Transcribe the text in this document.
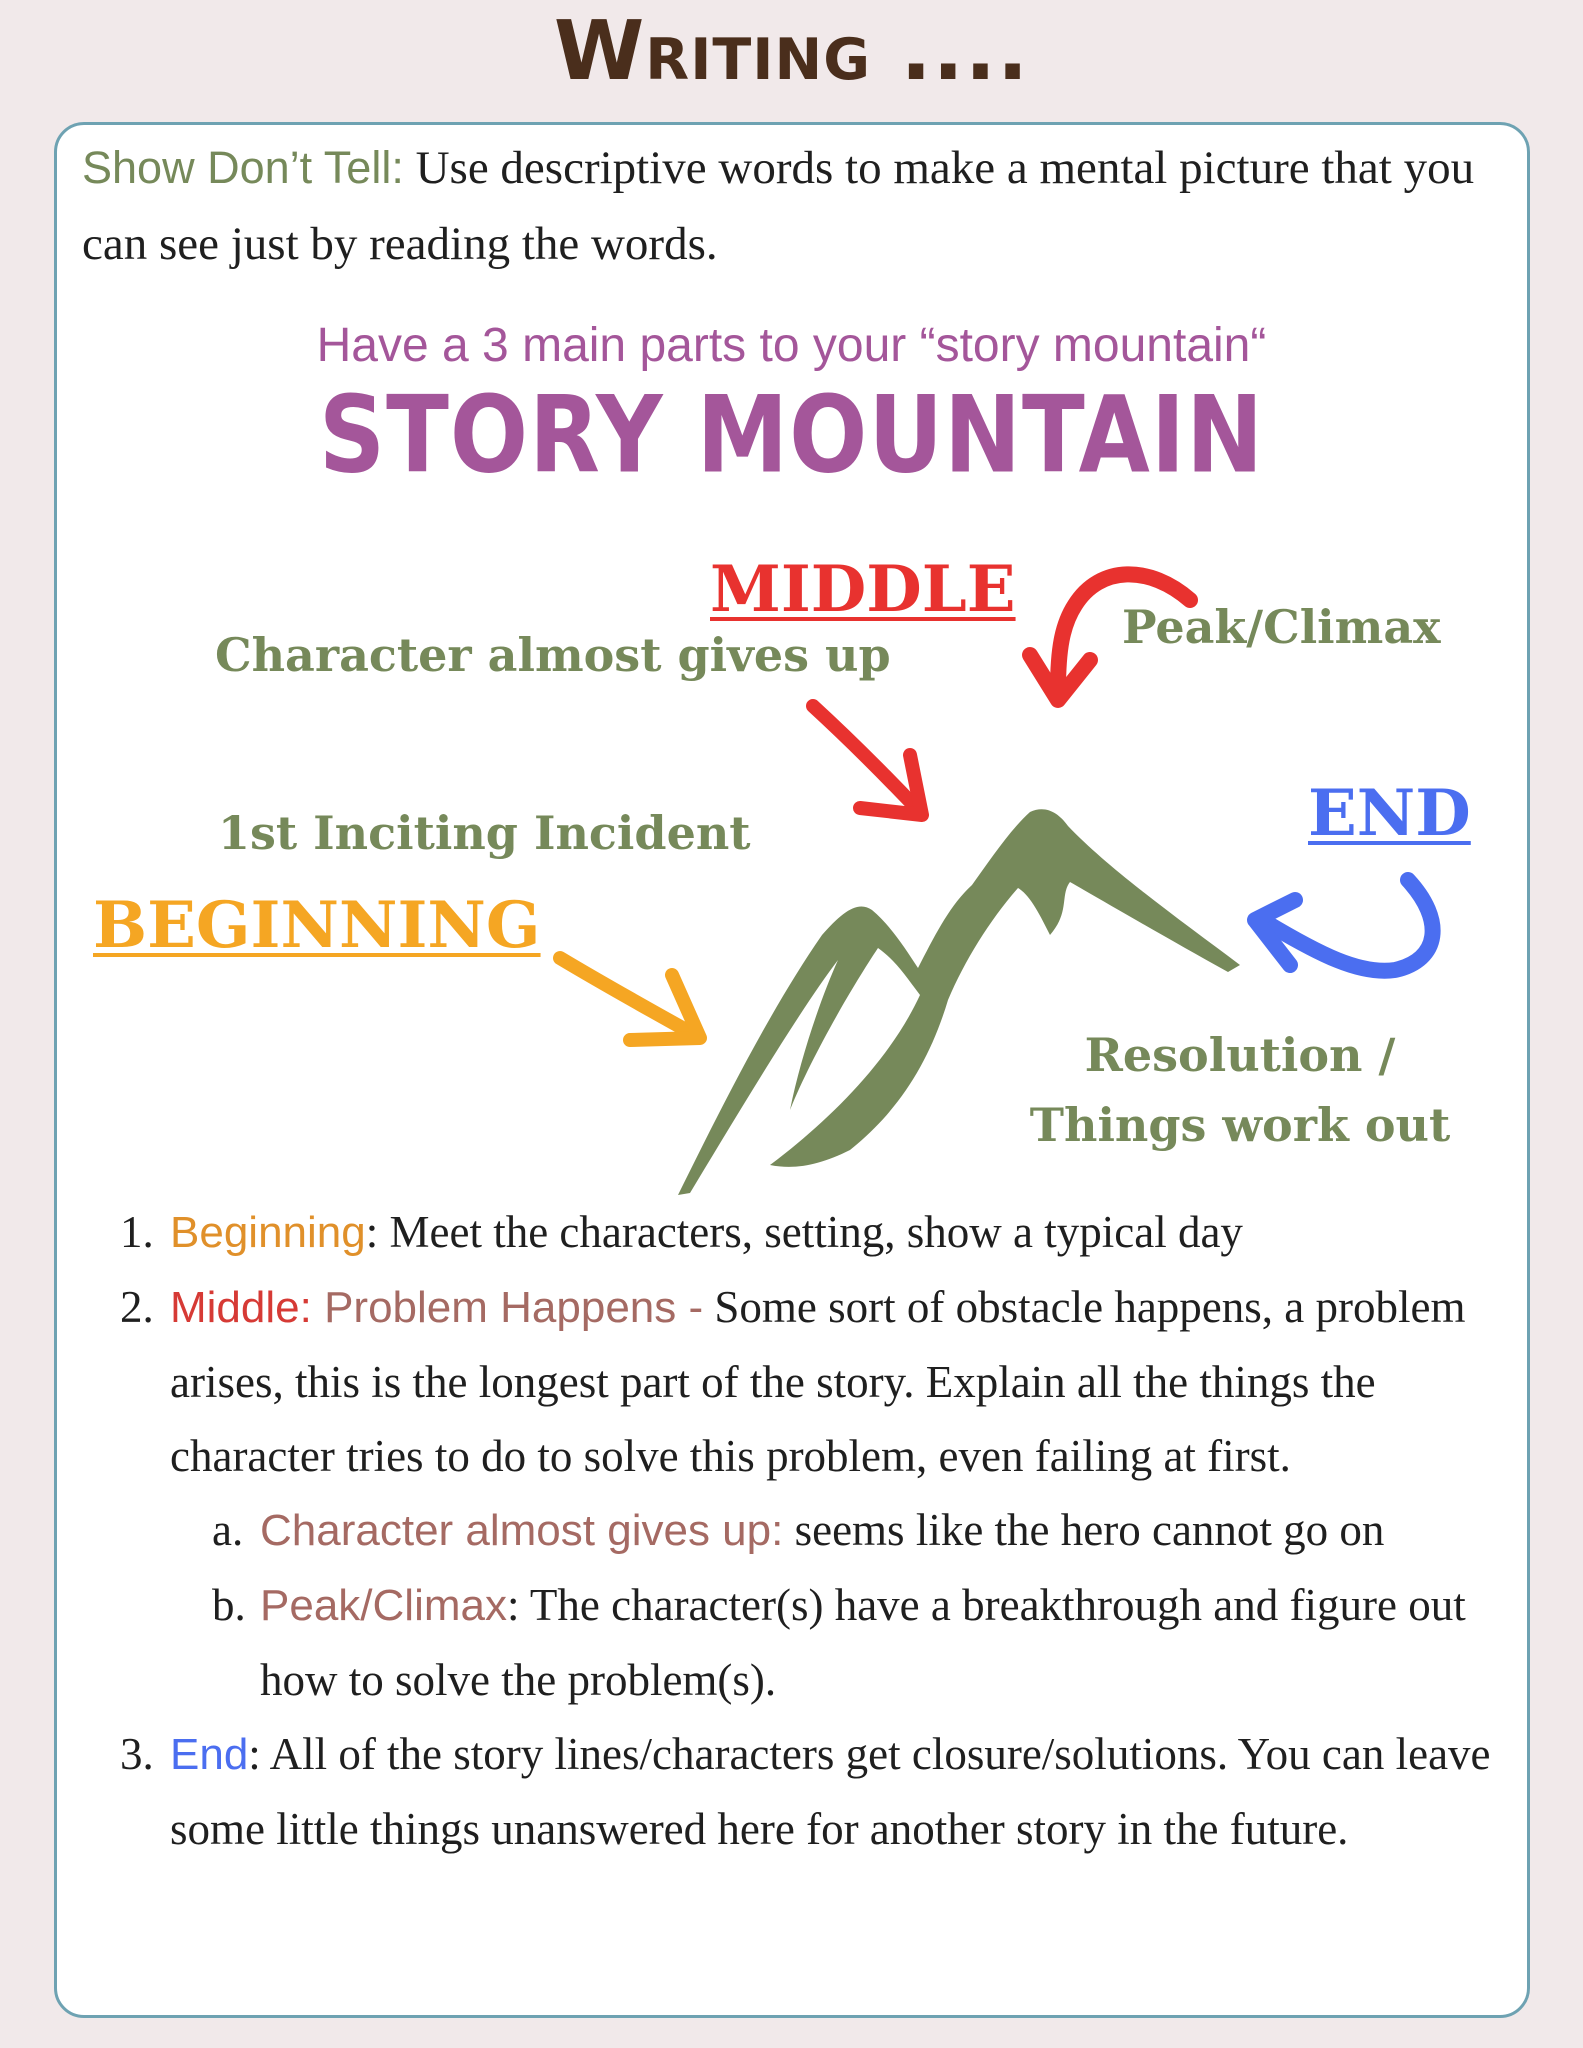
Writing ....
Show Don’t Tell: Use descriptive words to make a mental picture that you can see just by reading the words.
Have a 3 main parts to your “story mountain“
STORY MOUNTAIN
MIDDLE
Character almost gives up
Peak/Climax
END
1st Inciting Incident
BEGINNING
Resolution / Things work out
1. Beginning: Meet the characters, setting, show a typical day
2. Middle: Problem Happens - Some sort of obstacle happens, a problem arises, this is the longest part of the story. Explain all the things the character tries to do to solve this problem, even failing at first.
a. Character almost gives up: seems like the hero cannot go on
b. Peak/Climax: The character(s) have a breakthrough and figure out how to solve the problem(s).
3. End: All of the story lines/characters get closure/solutions. You can leave some little things unanswered here for another story in the future.
